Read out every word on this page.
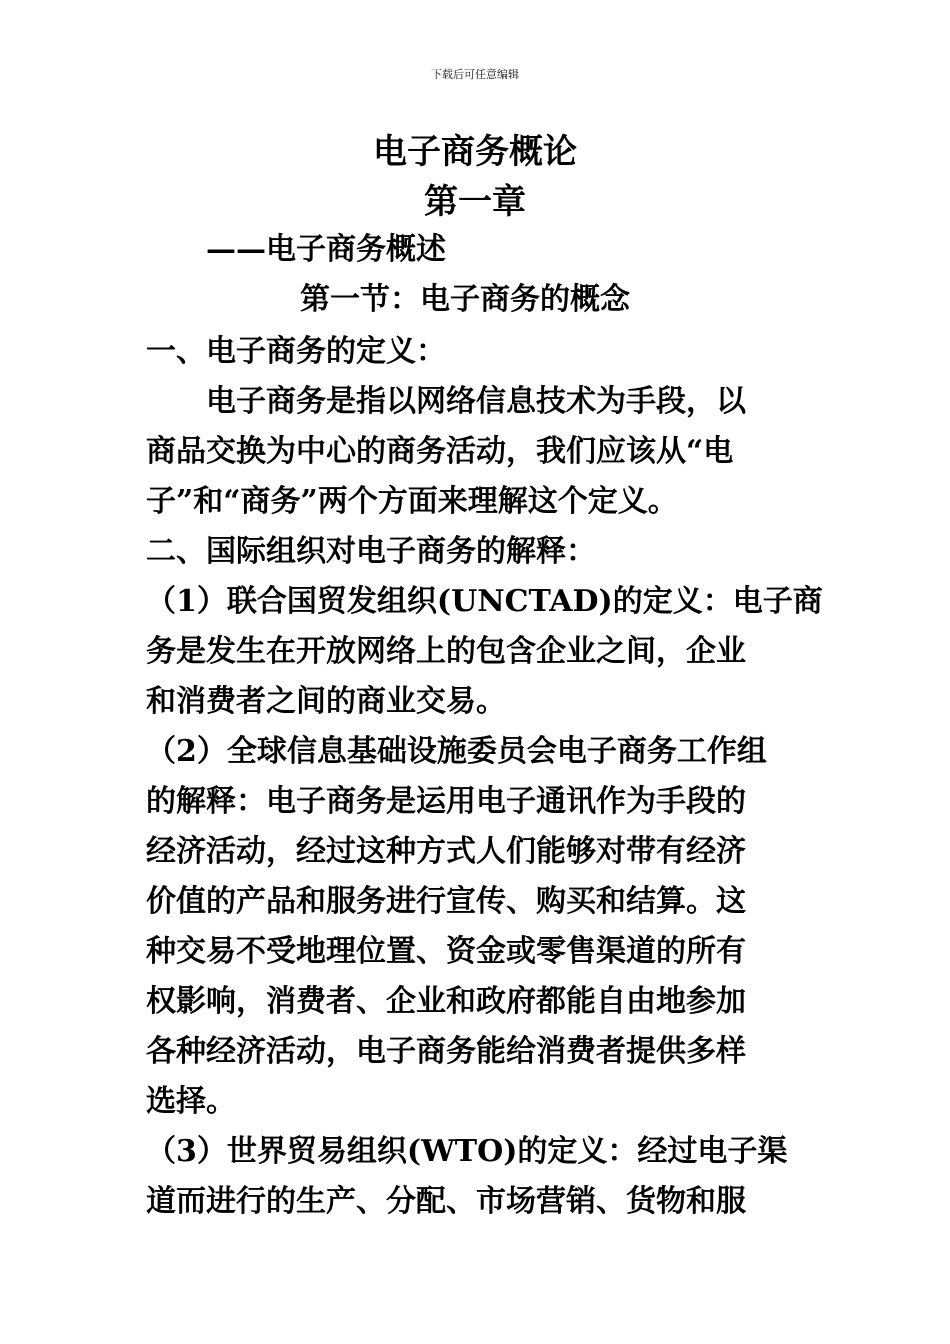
下载后可任意编辑
电子商务概论
第一章
——电子商务概述
第一节：电子商务的概念
一、电子商务的定义：
电子商务是指以网络信息技术为手段，以
商品交换为中心的商务活动，我们应该从“电
子”和“商务”两个方面来理解这个定义。
二、国际组织对电子商务的解释：
（1）联合国贸发组织(UNCTAD)的定义：电子商
务是发生在开放网络上的包含企业之间，企业
和消费者之间的商业交易。
（2）全球信息基础设施委员会电子商务工作组
的解释：电子商务是运用电子通讯作为手段的
经济活动，经过这种方式人们能够对带有经济
价值的产品和服务进行宣传、购买和结算。这
种交易不受地理位置、资金或零售渠道的所有
权影响，消费者、企业和政府都能自由地参加
各种经济活动，电子商务能给消费者提供多样
选择。
（3）世界贸易组织(WTO)的定义：经过电子渠
道而进行的生产、分配、市场营销、货物和服
